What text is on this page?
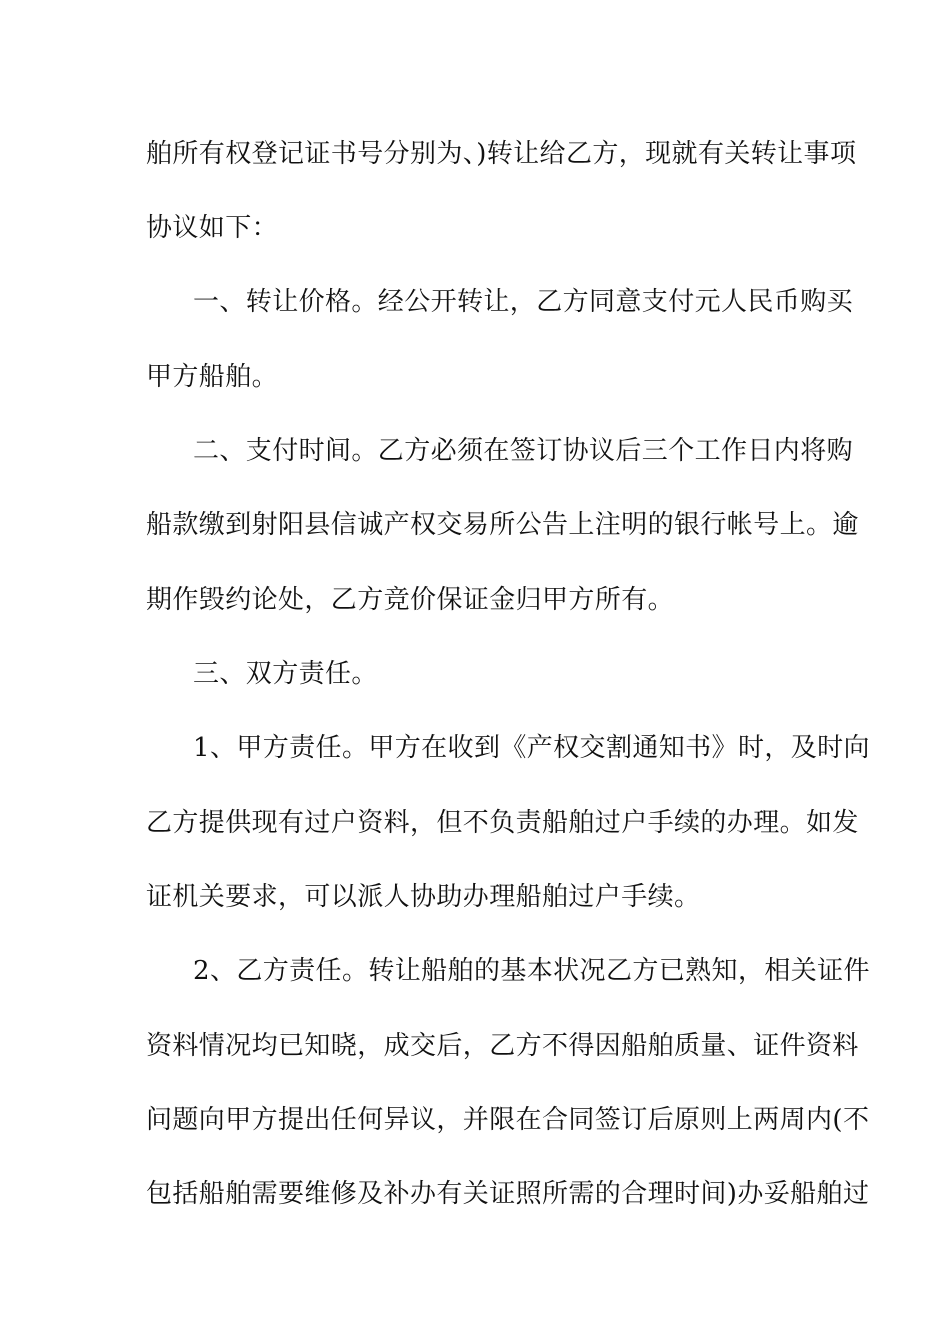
舶所有权登记证书号分别为、)转让给乙方，现就有关转让事项
协议如下：
一、转让价格。经公开转让，乙方同意支付元人民币购买
甲方船舶。
二、支付时间。乙方必须在签订协议后三个工作日内将购
船款缴到射阳县信诚产权交易所公告上注明的银行帐号上。逾
期作毁约论处，乙方竞价保证金归甲方所有。
三、双方责任。
1、甲方责任。甲方在收到《产权交割通知书》时，及时向
乙方提供现有过户资料，但不负责船舶过户手续的办理。如发
证机关要求，可以派人协助办理船舶过户手续。
2、乙方责任。转让船舶的基本状况乙方已熟知，相关证件
资料情况均已知晓，成交后，乙方不得因船舶质量、证件资料
问题向甲方提出任何异议，并限在合同签订后原则上两周内(不
包括船舶需要维修及补办有关证照所需的合理时间)办妥船舶过
